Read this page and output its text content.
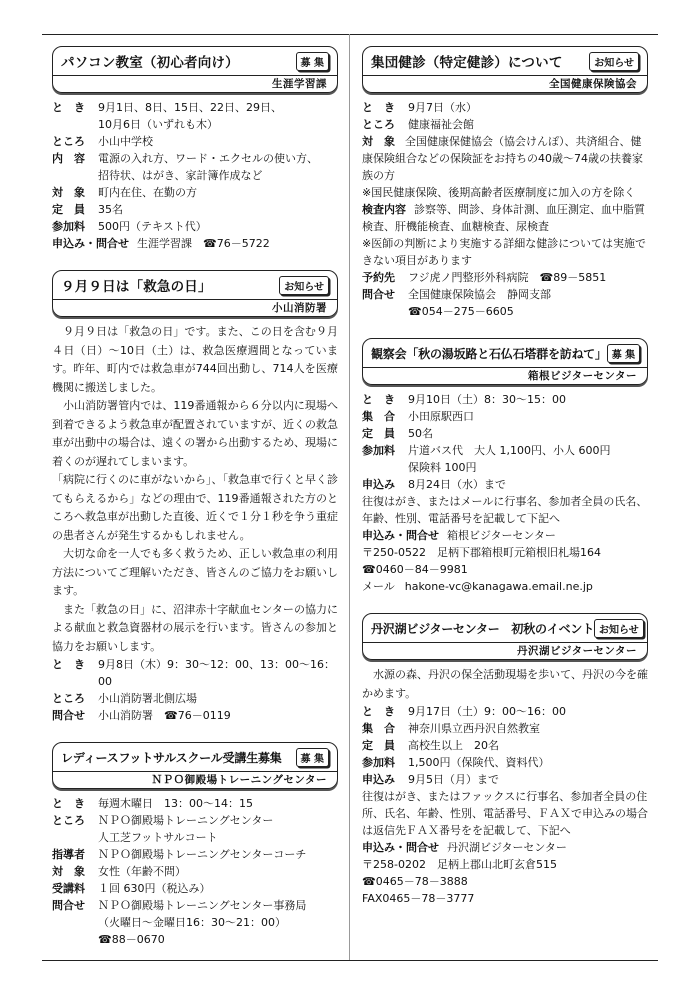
パソコン教室（初心者向け）	募 集
生涯学習課
と　き	9月1日、8日、15日、22日、29日、
10月6日（いずれも木）
ところ	小山中学校
内　容	電源の入れ方、ワード・エクセルの使い方、
招待状、はがき、家計簿作成など
対　象	町内在住、在勤の方
定　員	35名
参加料	500円（テキスト代）
申込み・問合せ 生涯学習課　☎76－5722
９月９日は「救急の日」	お知らせ
小山消防署

９月９日は「救急の日」です。また、この日を含む９月４日（日）～10日（土）は、救急医療週間となっています。昨年、町内では救急車が744回出動し、714人を医療機関に搬送しました。

小山消防署管内では、119番通報から６分以内に現場へ到着できるよう救急車が配置されていますが、近くの救急車が出動中の場合は、遠くの署から出動するため、現場に着くのが遅れてしまいます。

「病院に行くのに車がないから」、「救急車で行くと早く診てもらえるから」などの理由で、119番通報された方のところへ救急車が出動した直後、近くで１分１秒を争う重症の患者さんが発生するかもしれません。

大切な命を一人でも多く救うため、正しい救急車の利用方法についてご理解いただき、皆さんのご協力をお願いします。

また「救急の日」に、沼津赤十字献血センターの協力による献血と救急資器材の展示を行います。皆さんの参加と協力をお願いします。

と　き	9月8日（木）9：30～12：00、13：00～16：00
ところ	小山消防署北側広場
問合せ	小山消防署　☎76－0119
レディースフットサルスクール受講生募集	募 集
ＮＰＯ御殿場トレーニングセンター
と　き	毎週木曜日　13：00～14：15
ところ	ＮＰＯ御殿場トレーニングセンター
人工芝フットサルコート
指導者	ＮＰＯ御殿場トレーニングセンターコーチ
対　象	女性（年齢不問）
受講料	１回 630円（税込み）
問合せ	ＮＰＯ御殿場トレーニングセンター事務局
（火曜日～金曜日16：30～21：00）
☎88－0670
集団健診（特定健診）について	お知らせ
全国健康保険協会
と　き	9月7日（水）
ところ	健康福祉会館
対　象 全国健康保健協会（協会けんぽ）、共済組合、健康保険組合などの保険証をお持ちの40歳～74歳の扶養家族の方
※国民健康保険、後期高齢者医療制度に加入の方を除く
検査内容 診察等、問診、身体計測、血圧測定、血中脂質検査、肝機能検査、血糖検査、尿検査
※医師の判断により実施する詳細な健診については実施できない項目があります
予約先	フジ虎ノ門整形外科病院　☎89－5851
問合せ	全国健康保険協会　静岡支部
☎054－275－6605
観察会「秋の湯坂路と石仏石塔群を訪ねて」 募 集
箱根ビジターセンター
と　き	9月10日（土）8：30～15：00
集　合	小田原駅西口
定　員	50名
参加料	片道バス代　大人 1,100円、小人 600円
保険料 100円
申込み	8月24日（水）まで
往復はがき、またはメールに行事名、参加者全員の氏名、年齢、性別、電話番号を記載して下記へ
申込み・問合せ 箱根ビジターセンター
〒250-0522　足柄下郡箱根町元箱根旧札場164
☎0460－84－9981
メール hakone-vc@kanagawa.email.ne.jp
丹沢湖ビジターセンター　初秋のイベント お知らせ
丹沢湖ビジターセンター

水源の森、丹沢の保全活動現場を歩いて、丹沢の今を確かめます。

と　き	9月17日（土）9：00～16：00
集　合	神奈川県立西丹沢自然教室
定　員	高校生以上　20名
参加料	1,500円（保険代、資料代）
申込み	9月5日（月）まで
往復はがき、またはファックスに行事名、参加者全員の住所、氏名、年齢、性別、電話番号、ＦＡＸで申込みの場合は返信先ＦＡＸ番号をを記載して、下記へ
申込み・問合せ 丹沢湖ビジターセンター
〒258-0202　足柄上郡山北町玄倉515
☎0465－78－3888
FAX0465－78－3777
